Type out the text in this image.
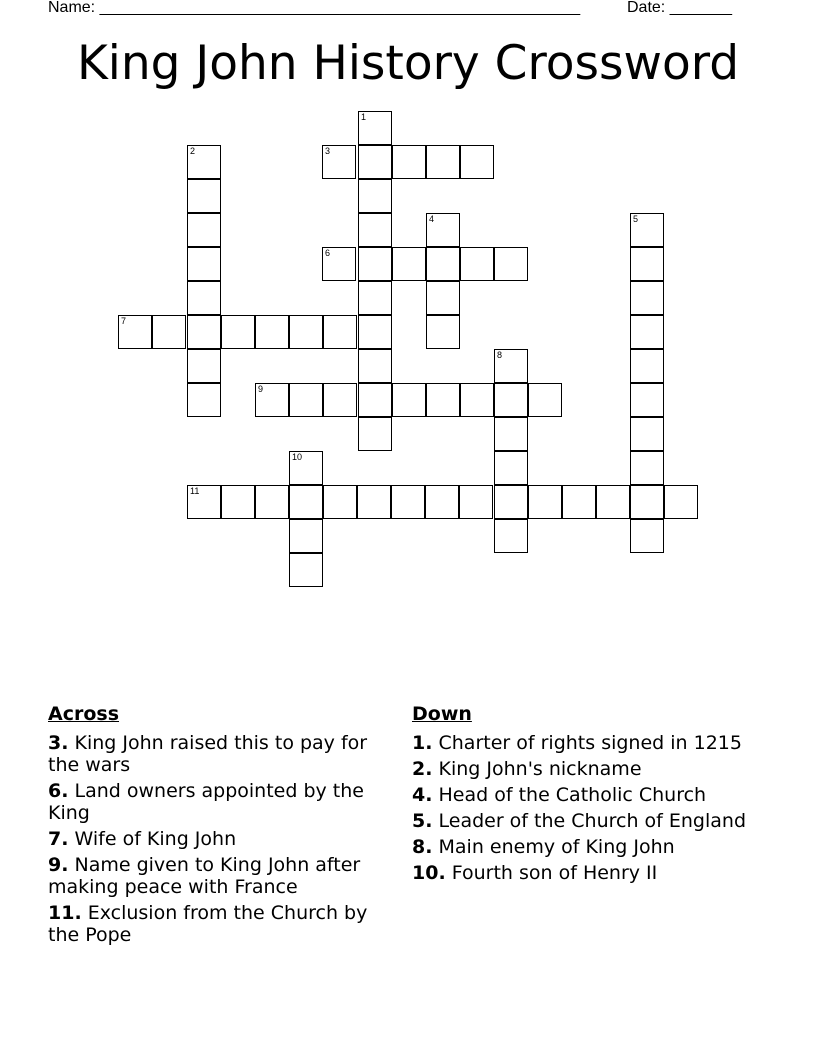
Name: ______________________________________________________	Date: _______
King John History Crossword
1
2	3
4	5
6
7
8
9
10
11
Across
3. King John raised this to pay for the wars
6. Land owners appointed by the King
7. Wife of King John
9. Name given to King John after making peace with France
11. Exclusion from the Church by the Pope
Down
1. Charter of rights signed in 1215
2. King John's nickname
4. Head of the Catholic Church
5. Leader of the Church of England
8. Main enemy of King John
10. Fourth son of Henry II
